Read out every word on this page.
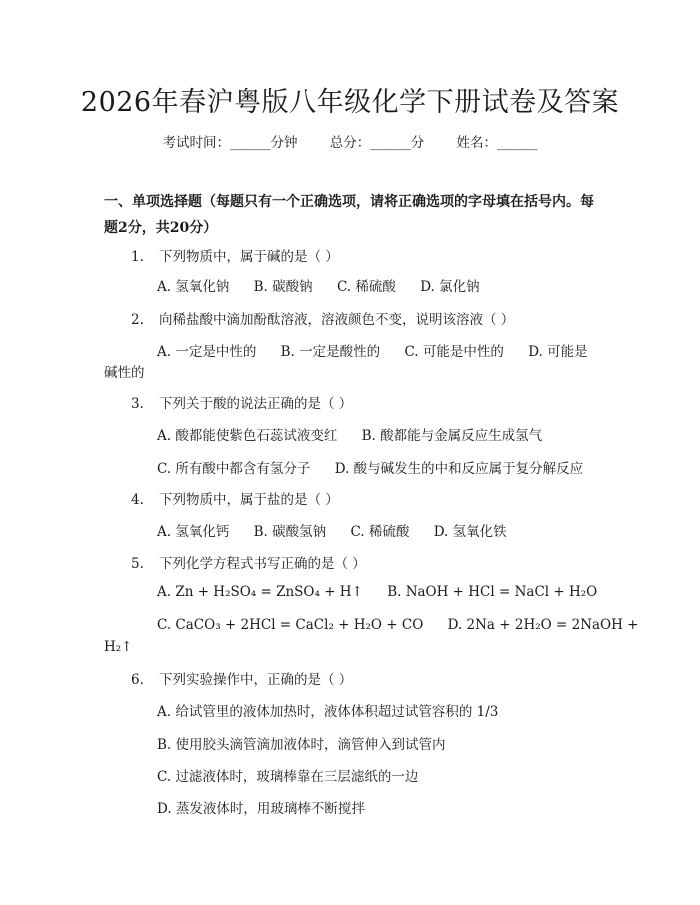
2026年春沪粤版八年级化学下册试卷及答案
考试时间：______分钟 总分：______分 姓名：______
一、单项选择题（每题只有一个正确选项，请将正确选项的字母填在括号内。每题2分，共20分）
1. 下列物质中，属于碱的是（ ）
A. 氢氧化钠 B. 碳酸钠 C. 稀硫酸 D. 氯化钠
2. 向稀盐酸中滴加酚酞溶液，溶液颜色不变，说明该溶液（ ）
A. 一定是中性的 B. 一定是酸性的 C. 可能是中性的 D. 可能是
碱性的
3. 下列关于酸的说法正确的是（ ）
A. 酸都能使紫色石蕊试液变红 B. 酸都能与金属反应生成氢气
C. 所有酸中都含有氢分子 D. 酸与碱发生的中和反应属于复分解反应
4. 下列物质中，属于盐的是（ ）
A. 氢氧化钙 B. 碳酸氢钠 C. 稀硫酸 D. 氢氧化铁
5. 下列化学方程式书写正确的是（ ）
A. Zn + H₂SO₄ = ZnSO₄ + H↑ B. NaOH + HCl = NaCl + H₂O
C. CaCO₃ + 2HCl = CaCl₂ + H₂O + CO D. 2Na + 2H₂O = 2NaOH +
H₂↑
6. 下列实验操作中，正确的是（ ）
A. 给试管里的液体加热时，液体体积超过试管容积的 1/3
B. 使用胶头滴管滴加液体时，滴管伸入到试管内
C. 过滤液体时，玻璃棒靠在三层滤纸的一边
D. 蒸发液体时，用玻璃棒不断搅拌
